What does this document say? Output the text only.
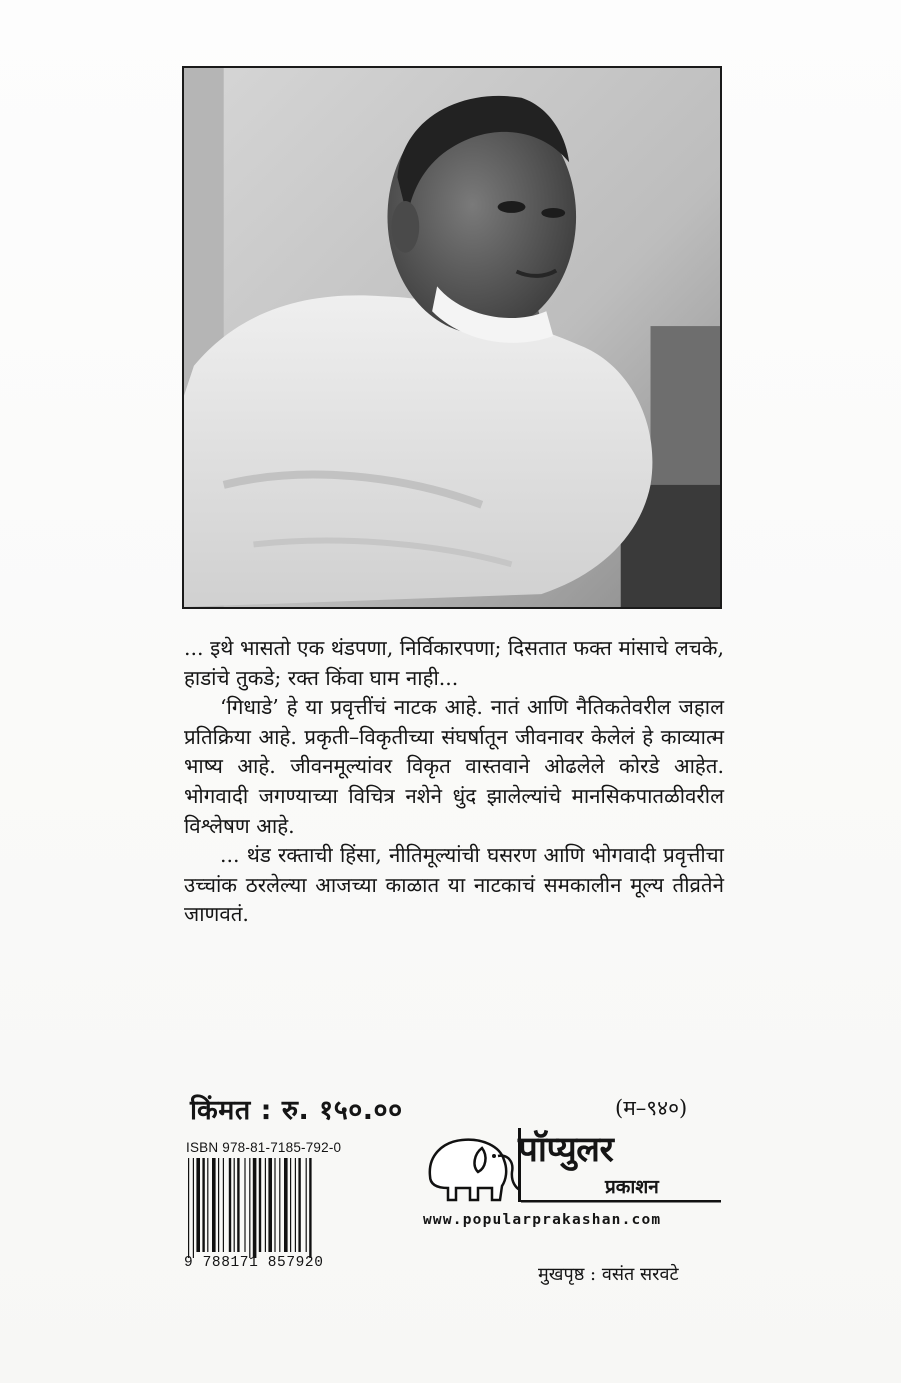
... इथे भासतो एक थंडपणा, निर्विकारपणा; दिसतात फक्त मांसाचे लचके, हाडांचे तुकडे; रक्त किंवा घाम नाही...

‘गिधाडे’ हे या प्रवृत्तींचं नाटक आहे. नातं आणि नैतिकतेवरील जहाल प्रतिक्रिया आहे. प्रकृती–विकृतीच्या संघर्षातून जीवनावर केलेलं हे काव्यात्म भाष्य आहे. जीवनमूल्यांवर विकृत वास्तवाने ओढलेले कोरडे आहेत. भोगवादी जगण्याच्या विचित्र नशेने धुंद झालेल्यांचे मानसिकपातळीवरील विश्लेषण आहे.

... थंड रक्ताची हिंसा, नीतिमूल्यांची घसरण आणि भोगवादी प्रवृत्तीचा उच्चांक ठरलेल्या आजच्या काळात या नाटकाचं समकालीन मूल्य तीव्रतेने जाणवतं.

किंमत : रु. १५०.००	(म–९४०)
ISBN 978-81-7185-792-0
9 788171 857920
पॉप्युलर
प्रकाशन
www.popularprakashan.com
मुखपृष्ठ : वसंत सरवटे
